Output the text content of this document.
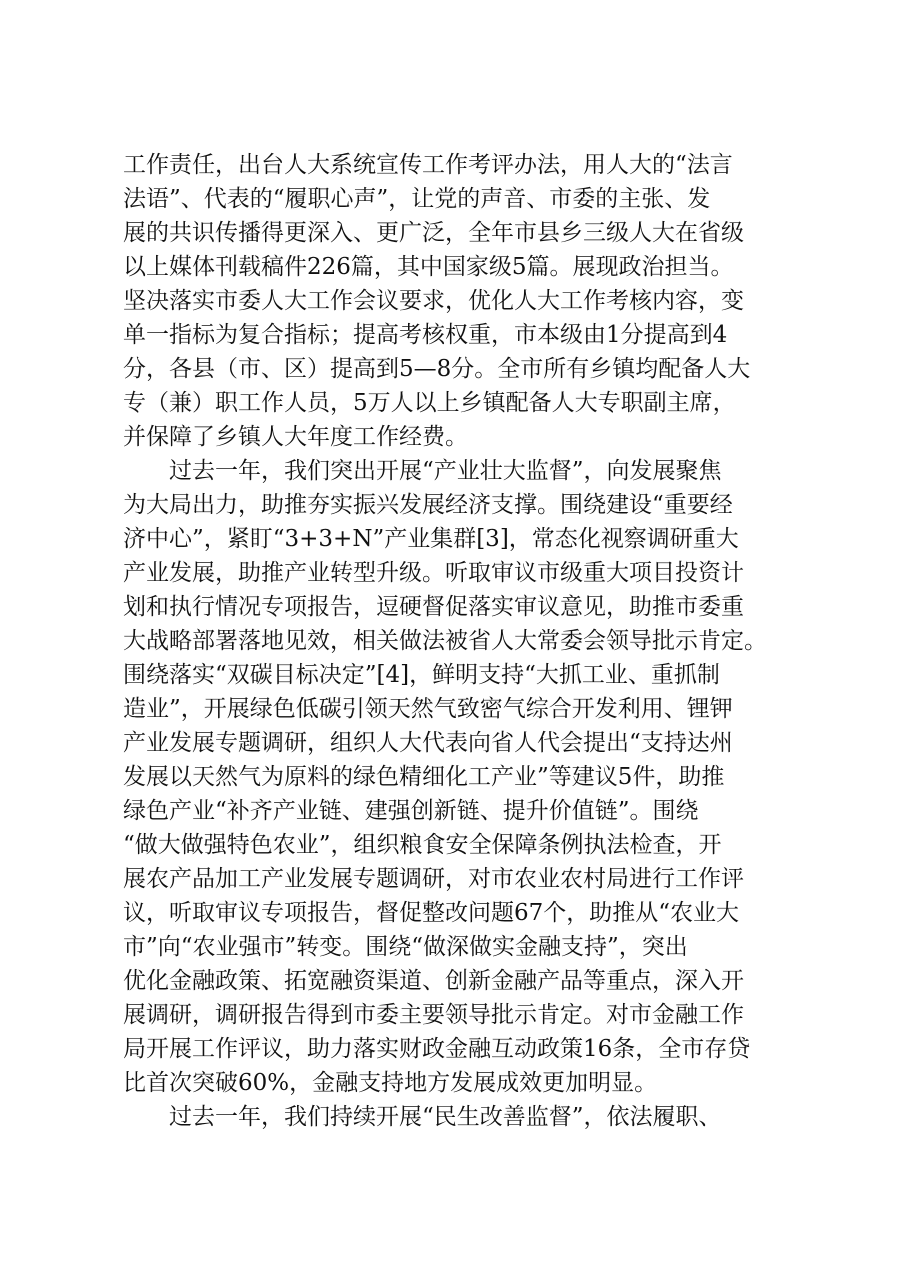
工作责任，出台人大系统宣传工作考评办法，用人大的“法言
法语”、代表的“履职心声”，让党的声音、市委的主张、发
展的共识传播得更深入、更广泛，全年市县乡三级人大在省级
以上媒体刊载稿件226篇，其中国家级5篇。展现政治担当。
坚决落实市委人大工作会议要求，优化人大工作考核内容，变
单一指标为复合指标；提高考核权重，市本级由1分提高到4
分，各县（市、区）提高到5—8分。全市所有乡镇均配备人大
专（兼）职工作人员，5万人以上乡镇配备人大专职副主席，
并保障了乡镇人大年度工作经费。
过去一年，我们突出开展“产业壮大监督”，向发展聚焦
为大局出力，助推夯实振兴发展经济支撑。围绕建设“重要经
济中心”，紧盯“3+3+N”产业集群[3]，常态化视察调研重大
产业发展，助推产业转型升级。听取审议市级重大项目投资计
划和执行情况专项报告，逗硬督促落实审议意见，助推市委重
大战略部署落地见效，相关做法被省人大常委会领导批示肯定。
围绕落实“双碳目标决定”[4]，鲜明支持“大抓工业、重抓制
造业”，开展绿色低碳引领天然气致密气综合开发利用、锂钾
产业发展专题调研，组织人大代表向省人代会提出“支持达州
发展以天然气为原料的绿色精细化工产业”等建议5件，助推
绿色产业“补齐产业链、建强创新链、提升价值链”。围绕
“做大做强特色农业”，组织粮食安全保障条例执法检查，开
展农产品加工产业发展专题调研，对市农业农村局进行工作评
议，听取审议专项报告，督促整改问题67个，助推从“农业大
市”向“农业强市”转变。围绕“做深做实金融支持”，突出
优化金融政策、拓宽融资渠道、创新金融产品等重点，深入开
展调研，调研报告得到市委主要领导批示肯定。对市金融工作
局开展工作评议，助力落实财政金融互动政策16条，全市存贷
比首次突破60%，金融支持地方发展成效更加明显。
过去一年，我们持续开展“民生改善监督”，依法履职、
